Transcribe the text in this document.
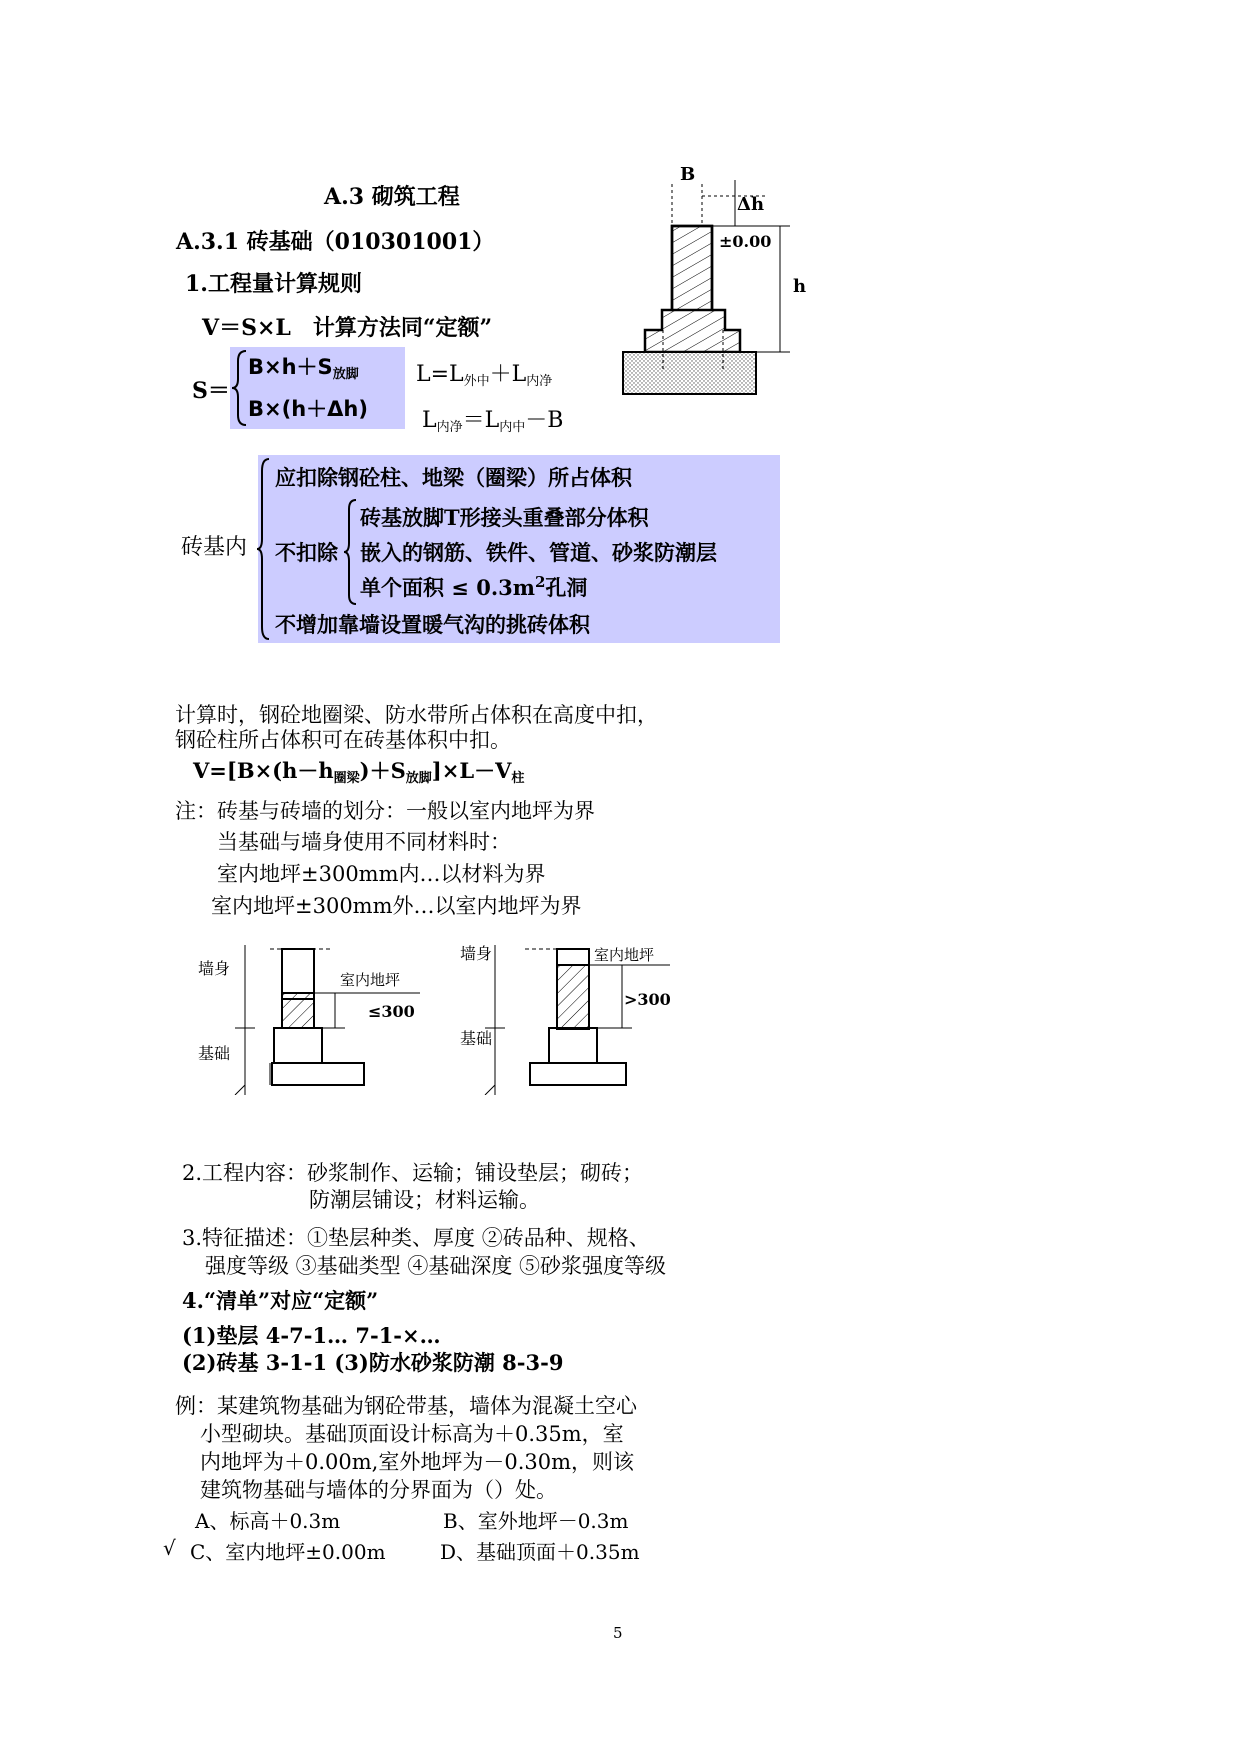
A.3 砌筑工程
A.3.1 砖基础（010301001）
1.工程量计算规则
V＝S×L　计算方法同“定额”
S＝
$B\times h+S_{放脚}$
B×(h＋Δh)
$L=L_{外中}+L_{内净}$
$L_{内净}=L_{内中}-B$
B
Δh
±0.00
h
砖基内
应扣除钢砼柱、地梁（圈梁）所占体积
不扣除
砖基放脚T形接头重叠部分体积
嵌入的钢筋、铁件、管道、砂浆防潮层
单个面积 ≤ $0.3m^2$孔洞
不增加靠墙设置暖气沟的挑砖体积
计算时，钢砼地圈梁、防水带所占体积在高度中扣，
钢砼柱所占体积可在砖基体积中扣。
$V=[B\times(h-h_{圈梁})+S_{放脚}]\times L-V_柱$
注：砖基与砖墙的划分：一般以室内地坪为界
当基础与墙身使用不同材料时：
室内地坪±300mm内…以材料为界
室内地坪±300mm外…以室内地坪为界
墙身
基础
室内地坪
≤300
墙身
基础
室内地坪
>300
2.工程内容：砂浆制作、运输；铺设垫层；砌砖；
防潮层铺设；材料运输。
3.特征描述：①垫层种类、厚度 ②砖品种、规格、
强度等级 ③基础类型 ④基础深度 ⑤砂浆强度等级
4.“清单”对应“定额”
(1)垫层 4-7-1… 7-1-×…
(2)砖基 3-1-1 (3)防水砂浆防潮 8-3-9
例：某建筑物基础为钢砼带基，墙体为混凝土空心
小型砌块。基础顶面设计标高为＋0.35m，室
内地坪为＋0.00m,室外地坪为－0.30m，则该
建筑物基础与墙体的分界面为（）处。
A、标高＋0.3m	B、室外地坪－0.3m
√ C、室内地坪±0.00m	D、基础顶面＋0.35m
5
